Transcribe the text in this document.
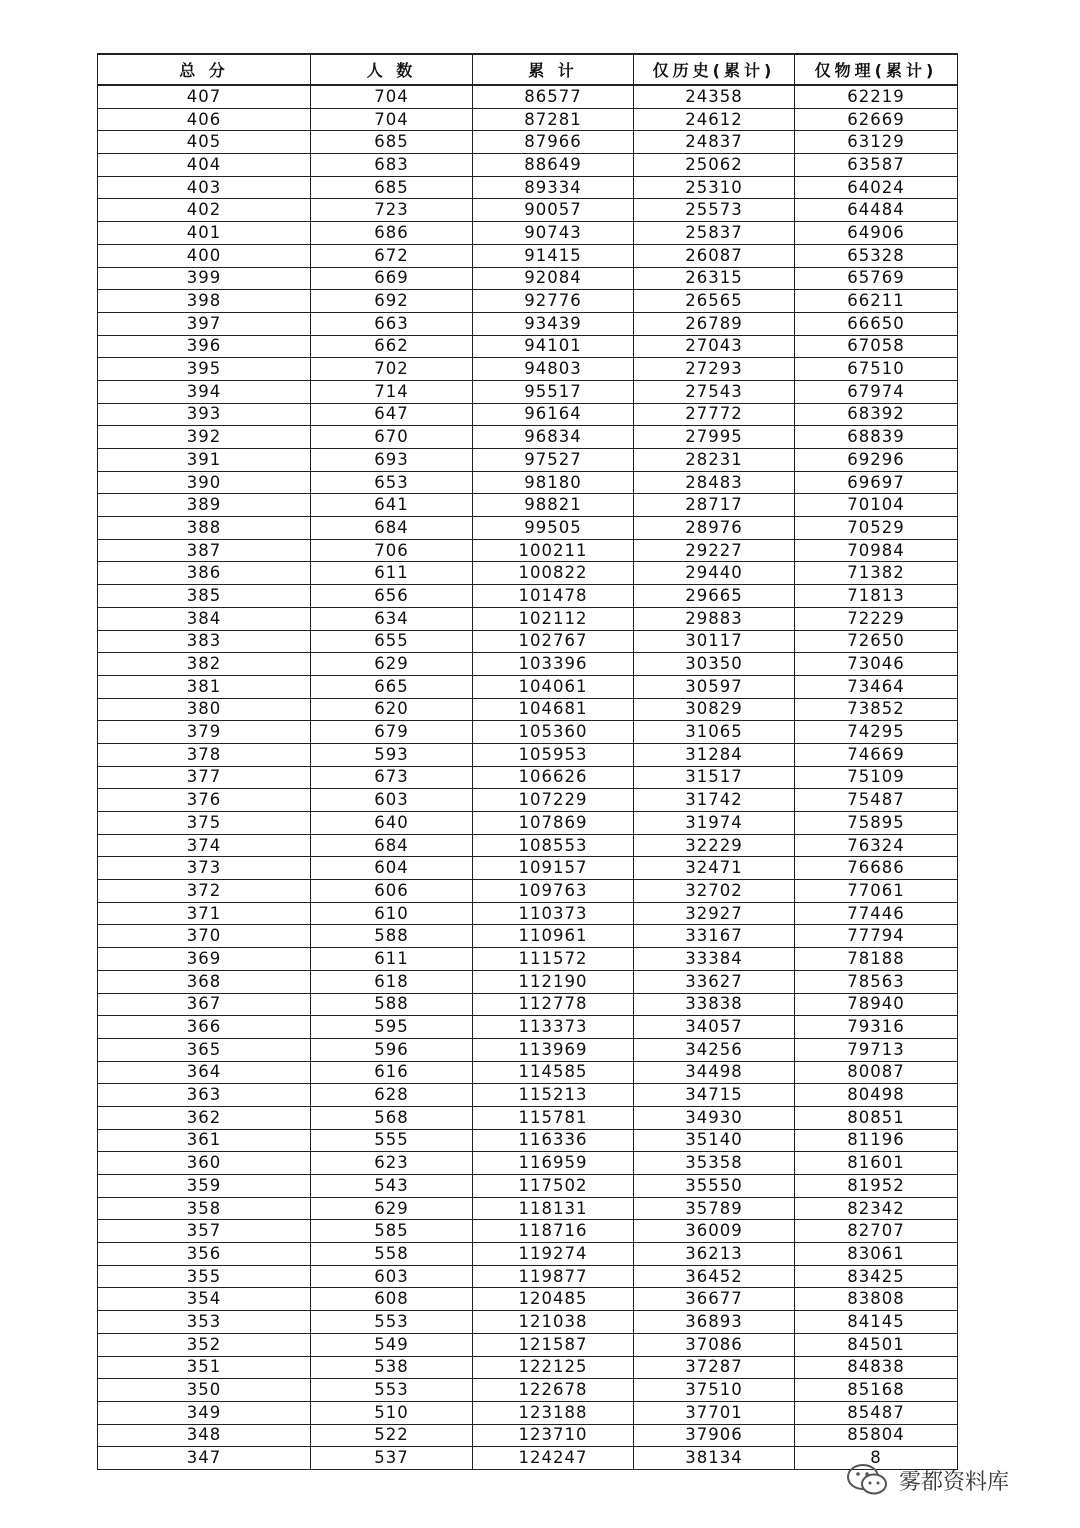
总 分	人 数	累 计	仅历史(累计)	仅物理(累计)
407	704	86577	24358	62219
406	704	87281	24612	62669
405	685	87966	24837	63129
404	683	88649	25062	63587
403	685	89334	25310	64024
402	723	90057	25573	64484
401	686	90743	25837	64906
400	672	91415	26087	65328
399	669	92084	26315	65769
398	692	92776	26565	66211
397	663	93439	26789	66650
396	662	94101	27043	67058
395	702	94803	27293	67510
394	714	95517	27543	67974
393	647	96164	27772	68392
392	670	96834	27995	68839
391	693	97527	28231	69296
390	653	98180	28483	69697
389	641	98821	28717	70104
388	684	99505	28976	70529
387	706	100211	29227	70984
386	611	100822	29440	71382
385	656	101478	29665	71813
384	634	102112	29883	72229
383	655	102767	30117	72650
382	629	103396	30350	73046
381	665	104061	30597	73464
380	620	104681	30829	73852
379	679	105360	31065	74295
378	593	105953	31284	74669
377	673	106626	31517	75109
376	603	107229	31742	75487
375	640	107869	31974	75895
374	684	108553	32229	76324
373	604	109157	32471	76686
372	606	109763	32702	77061
371	610	110373	32927	77446
370	588	110961	33167	77794
369	611	111572	33384	78188
368	618	112190	33627	78563
367	588	112778	33838	78940
366	595	113373	34057	79316
365	596	113969	34256	79713
364	616	114585	34498	80087
363	628	115213	34715	80498
362	568	115781	34930	80851
361	555	116336	35140	81196
360	623	116959	35358	81601
359	543	117502	35550	81952
358	629	118131	35789	82342
357	585	118716	36009	82707
356	558	119274	36213	83061
355	603	119877	36452	83425
354	608	120485	36677	83808
353	553	121038	36893	84145
352	549	121587	37086	84501
351	538	122125	37287	84838
350	553	122678	37510	85168
349	510	123188	37701	85487
348	522	123710	37906	85804
347	537	124247	38134	8
雾都资料库
